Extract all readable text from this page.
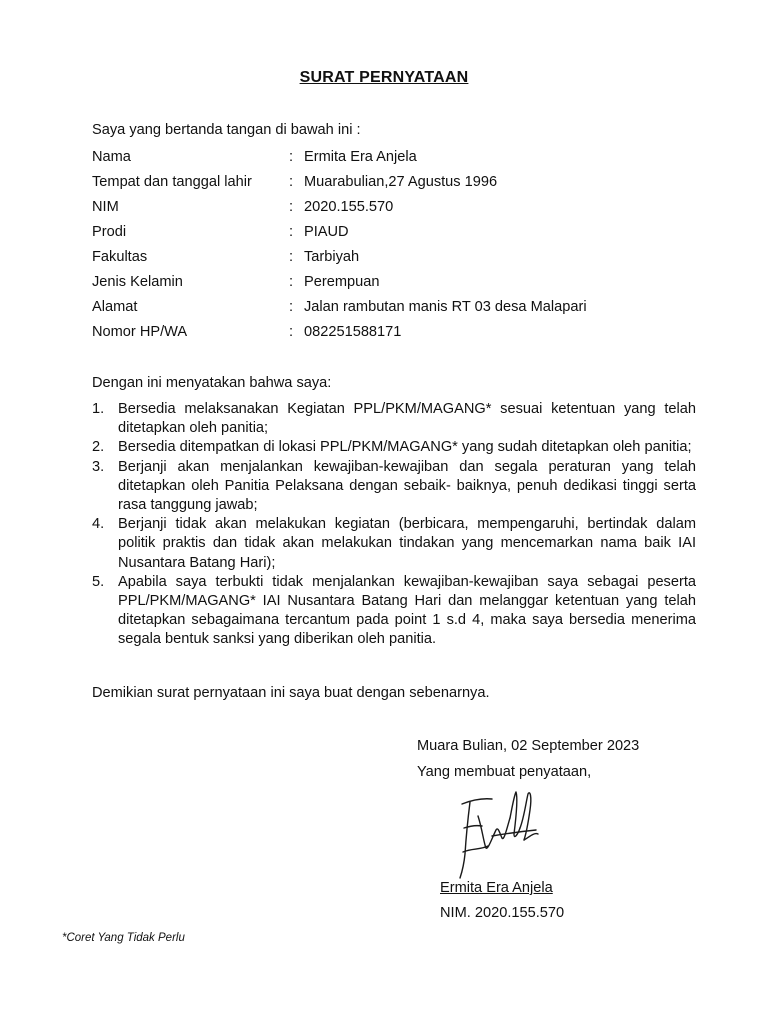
SURAT PERNYATAAN
Saya yang bertanda tangan di bawah ini :
Nama	: Ermita Era Anjela
Tempat dan tanggal lahir	: Muarabulian,27 Agustus 1996
NIM	: 2020.155.570
Prodi	: PIAUD
Fakultas	: Tarbiyah
Jenis Kelamin	: Perempuan
Alamat	: Jalan rambutan manis RT 03 desa Malapari
Nomor HP/WA	: 082251588171
Dengan ini menyatakan bahwa saya:
1. Bersedia melaksanakan Kegiatan PPL/PKM/MAGANG* sesuai ketentuan yang telah ditetapkan oleh panitia;
2. Bersedia ditempatkan di lokasi PPL/PKM/MAGANG* yang sudah ditetapkan oleh panitia;
3. Berjanji akan menjalankan kewajiban-kewajiban dan segala peraturan yang telah ditetapkan oleh Panitia Pelaksana dengan sebaik- baiknya, penuh dedikasi tinggi serta rasa tanggung jawab;
4. Berjanji tidak akan melakukan kegiatan (berbicara, mempengaruhi, bertindak dalam politik praktis dan tidak akan melakukan tindakan yang mencemarkan nama baik IAI Nusantara Batang Hari);
5. Apabila saya terbukti tidak menjalankan kewajiban-kewajiban saya sebagai peserta PPL/PKM/MAGANG* IAI Nusantara Batang Hari dan melanggar ketentuan yang telah ditetapkan sebagaimana tercantum pada point 1 s.d 4, maka saya bersedia menerima segala bentuk sanksi yang diberikan oleh panitia.
Demikian surat pernyataan ini saya buat dengan sebenarnya.
Muara Bulian, 02 September 2023
Yang membuat penyataan,
Ermita Era Anjela
NIM. 2020.155.570
*Coret Yang Tidak Perlu
